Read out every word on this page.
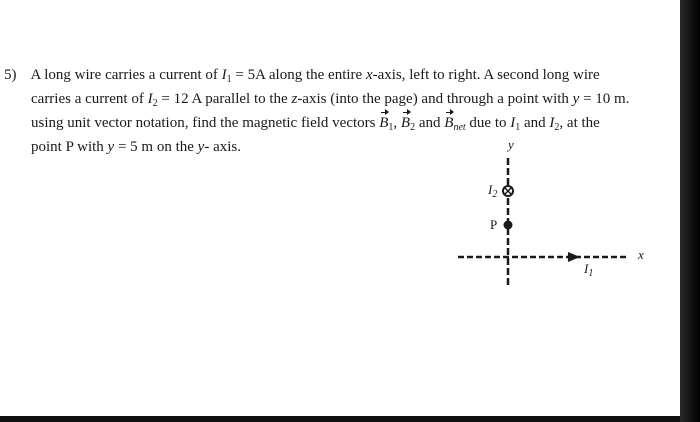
5) A long wire carries a current of $I_1 = 5A$ along the entire x-axis, left to right. A second long wire
carries a current of $I_2 = 12$ A parallel to the z-axis (into the page) and through a point with y = 10 m.
using unit vector notation, find the magnetic field vectors $B_1$, $B_2$ and $B_{net}$ due to $I_1$ and $I_2$, at the
point P with y = 5 m on the y- axis.	y
x
$I_2$
P
$I_1$
